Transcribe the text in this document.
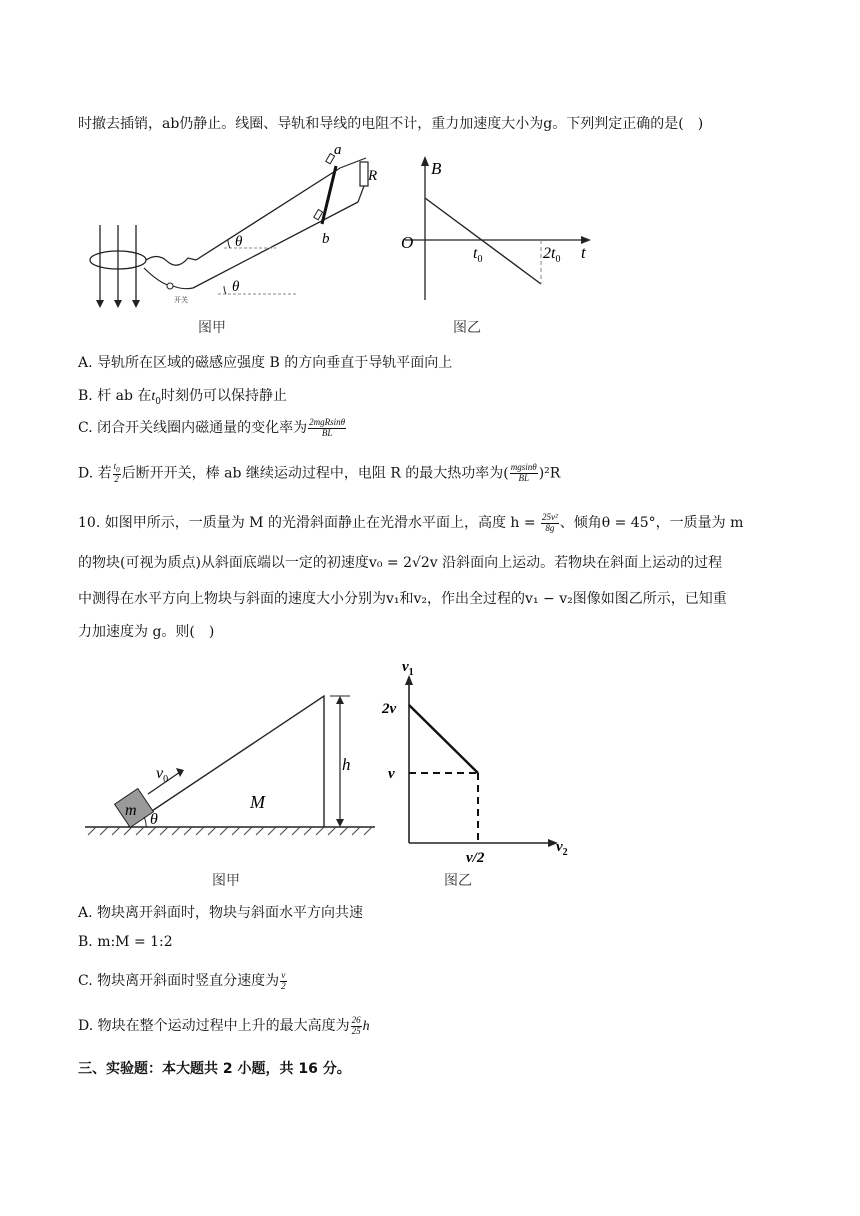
时撤去插销，ab仍静止。线圈、导轨和导线的电阻不计，重力加速度大小为g。下列判定正确的是(　)
开关
a
b
R
θ
θ
图甲
B
O
$t_0$	$2t_0$ t
图乙
A. 导轨所在区域的磁感应强度 B 的方向垂直于导轨平面向上
B. 杆 ab 在$t_0$时刻仍可以保持静止
C. 闭合开关线圈内磁通量的变化率为 $\frac{\text{2mgRsinθ}}{BL}$
D. 若 $\frac{t_0}{2}$ 后断开开关，棒 ab 继续运动过程中，电阻 R 的最大热功率为( $\frac{mgsin\theta}{BL} )^2R$
10. 如图甲所示，一质量为 M 的光滑斜面静止在光滑水平面上，高度 $h = \frac{\text{25v²}}{8g}$ 、倾角θ = 45°，一质量为 m
的物块(可视为质点)从斜面底端以一定的初速度v₀ = 2√2v 沿斜面向上运动。若物块在斜面上运动的过程
中测得在水平方向上物块与斜面的速度大小分别为v₁和v₂，作出全过程的v₁ − v₂图像如图乙所示，已知重
力加速度为 g。则(　)
m
$v_0$
θ
M
h
图甲
$v_1$
2v
v
v/2
$v_2$
图乙
A. 物块离开斜面时，物块与斜面水平方向共速
B. m:M = 1:2
C. 物块离开斜面时竖直分速度为 $\frac{v}{2}$
D. 物块在整个运动过程中上升的最大高度为 $\frac{26}{25}$ h
三、实验题：本大题共 2 小题，共 16 分。
